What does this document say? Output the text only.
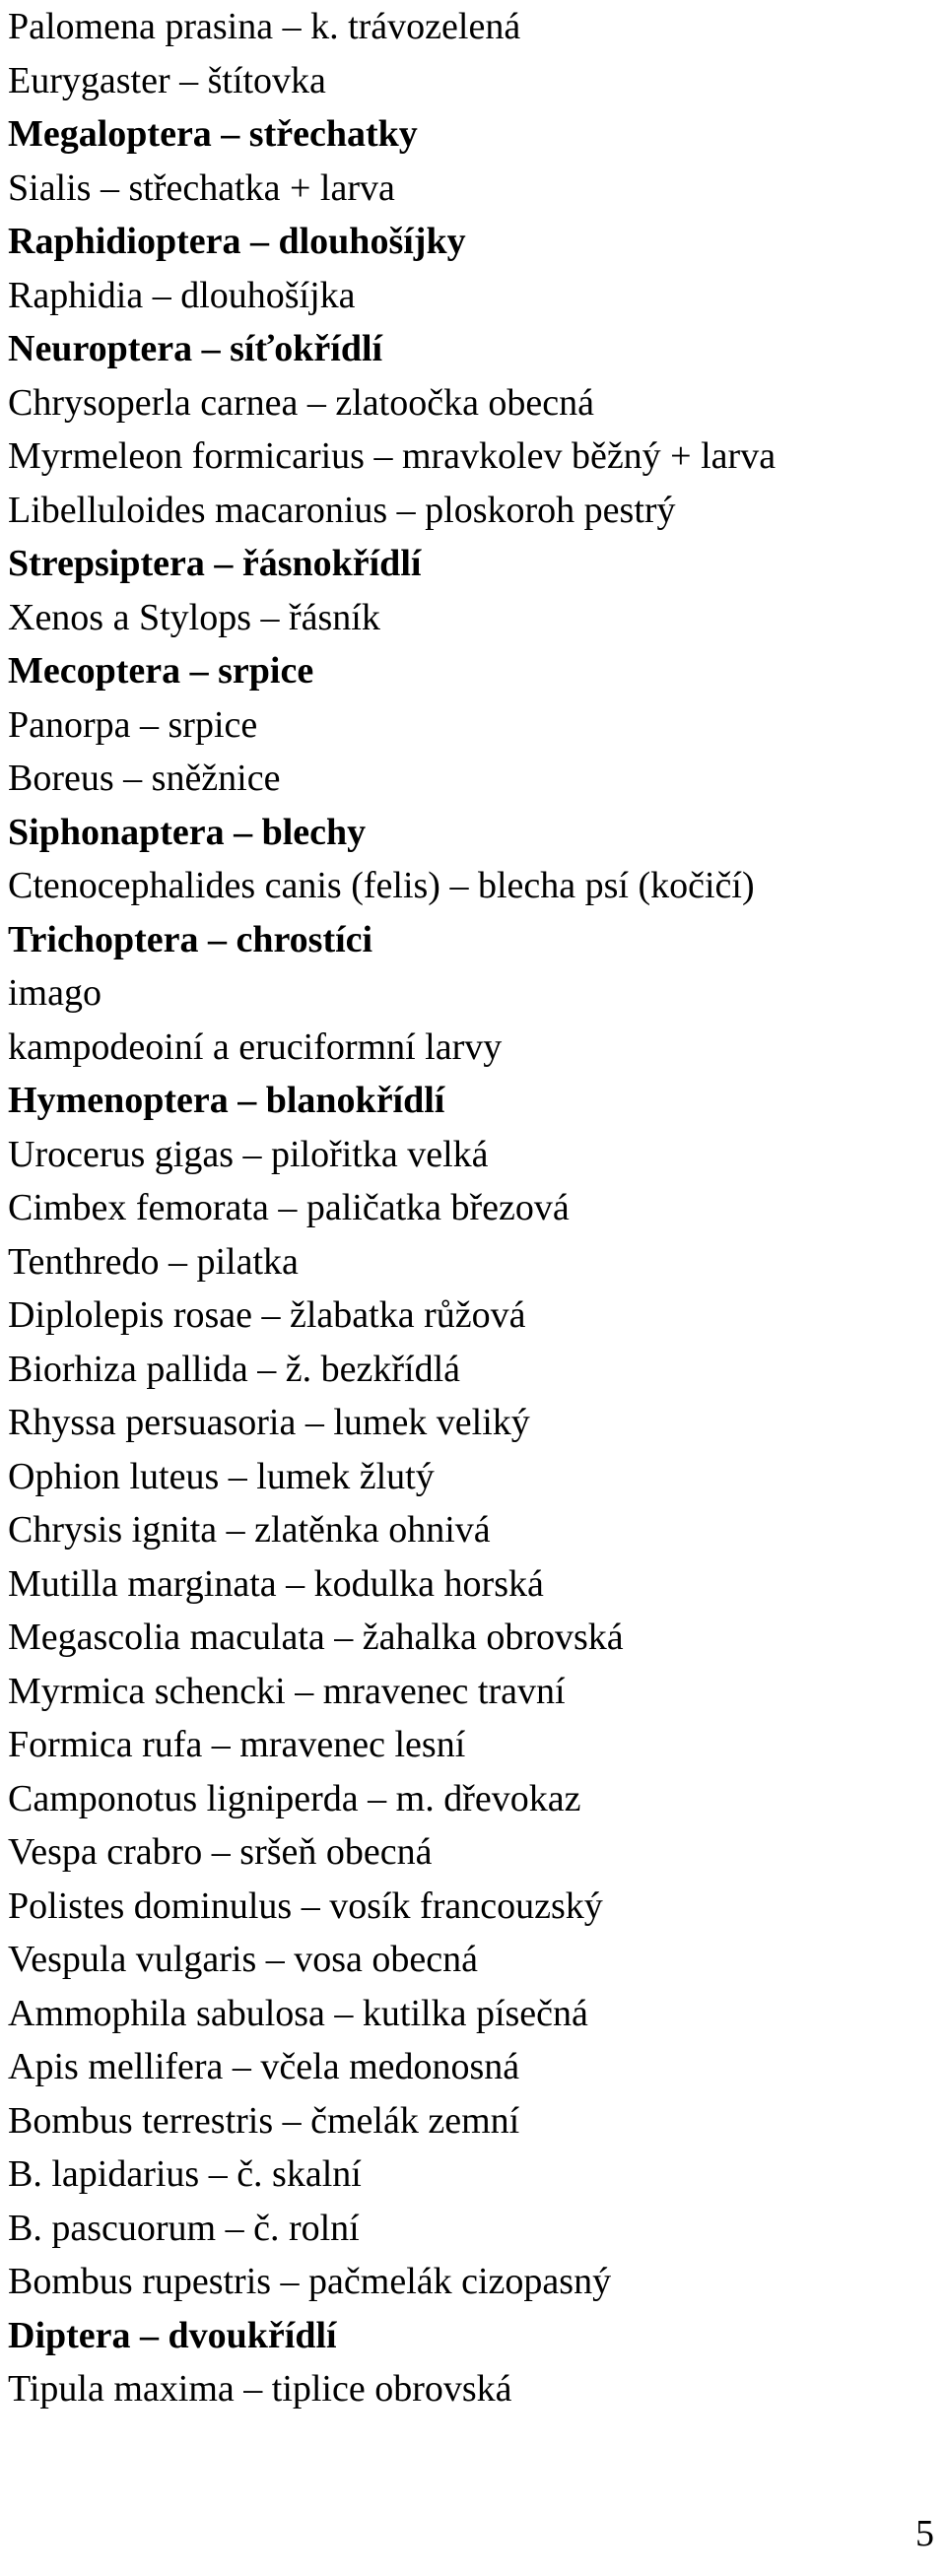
Palomena prasina – k. trávozelená
Eurygaster – štítovka
Megaloptera – střechatky
Sialis – střechatka + larva
Raphidioptera – dlouhošíjky
Raphidia – dlouhošíjka
Neuroptera – síťokřídlí
Chrysoperla carnea – zlatoočka obecná
Myrmeleon formicarius – mravkolev běžný + larva
Libelluloides macaronius – ploskoroh pestrý
Strepsiptera – řásnokřídlí
Xenos a Stylops – řásník
Mecoptera – srpice
Panorpa – srpice
Boreus – sněžnice
Siphonaptera – blechy
Ctenocephalides canis (felis) – blecha psí (kočičí)
Trichoptera – chrostíci
imago
kampodeoiní a eruciformní larvy
Hymenoptera – blanokřídlí
Urocerus gigas – pilořitka velká
Cimbex femorata – paličatka březová
Tenthredo – pilatka
Diplolepis rosae – žlabatka růžová
Biorhiza pallida – ž. bezkřídlá
Rhyssa persuasoria – lumek veliký
Ophion luteus – lumek žlutý
Chrysis ignita – zlatěnka ohnivá
Mutilla marginata – kodulka horská
Megascolia maculata – žahalka obrovská
Myrmica schencki – mravenec travní
Formica rufa – mravenec lesní
Camponotus ligniperda – m. dřevokaz
Vespa crabro – sršeň obecná
Polistes dominulus – vosík francouzský
Vespula vulgaris – vosa obecná
Ammophila sabulosa – kutilka písečná
Apis mellifera – včela medonosná
Bombus terrestris – čmelák zemní
B. lapidarius – č. skalní
B. pascuorum – č. rolní
Bombus rupestris – pačmelák cizopasný
Diptera – dvoukřídlí
Tipula maxima – tiplice obrovská
5
